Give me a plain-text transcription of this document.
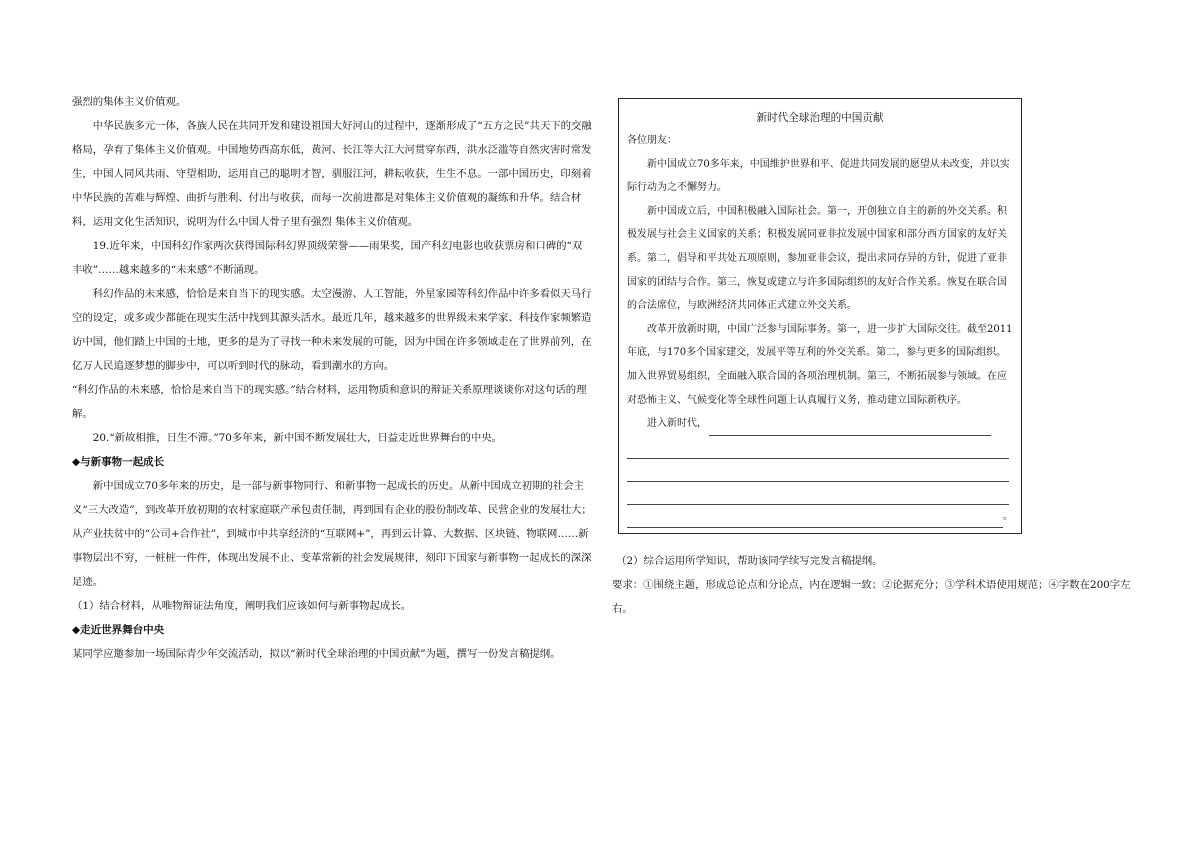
强烈的集体主义价值观。

中华民族多元一体，各族人民在共同开发和建设祖国大好河山的过程中，逐渐形成了“五方之民”共天下的交融格局，孕育了集体主义价值观。中国地势西高东低，黄河、长江等大江大河贯穿东西，洪水泛滥等自然灾害时常发生，中国人同风共雨、守望相助，运用自己的聪明才智，驯服江河，耕耘收获，生生不息。一部中国历史，印刻着中华民族的苦难与辉煌、曲折与胜利、付出与收获，而每一次前进都是对集体主义价值观的凝练和升华。结合材料，运用文化生活知识，说明为什么中国人骨子里有强烈 集体主义价值观。

19.近年来，中国科幻作家两次获得国际科幻界顶级荣誉——雨果奖，国产科幻电影也收获票房和口碑的“双丰收”……越来越多的“未来感”不断涌现。

科幻作品的未来感，恰恰是来自当下的现实感。太空漫游、人工智能，外星家园等科幻作品中许多看似天马行空的设定，或多或少都能在现实生活中找到其源头活水。最近几年，越来越多的世界级未来学家、科技作家频繁造访中国，他们踏上中国的土地，更多的是为了寻找一种未来发展的可能，因为中国在许多领域走在了世界前列，在亿万人民追逐梦想的脚步中，可以听到时代的脉动，看到潮水的方向。

“科幻作品的未来感，恰恰是来自当下的现实感。”结合材料，运用物质和意识的辩证关系原理谈谈你对这句话的理解。

20.“新故相推，日生不滞。”70多年来，新中国不断发展壮大，日益走近世界舞台的中央。

◆与新事物一起成长

新中国成立70多年来的历史，是一部与新事物同行、和新事物一起成长的历史。从新中国成立初期的社会主义“三大改造”，到改革开放初期的农村家庭联产承包责任制，再到国有企业的股份制改革、民营企业的发展壮大；从产业扶贫中的“公司+合作社”，到城市中共享经济的“互联网+”，再到云计算、大数据、区块链、物联网……新事物层出不穷，一桩桩一件件，体现出发展不止、变革常新的社会发展规律，刻印下国家与新事物一起成长的深深足迹。

（1）结合材料，从唯物辩证法角度，阐明我们应该如何与新事物起成长。

◆走近世界舞台中央

某同学应邀参加一场国际青少年交流活动，拟以“新时代全球治理的中国贡献”为题，撰写一份发言稿提纲。

新时代全球治理的中国贡献

各位朋友：

新中国成立70多年来，中国维护世界和平、促进共同发展的愿望从未改变，并以实际行动为之不懈努力。

新中国成立后，中国积极融入国际社会。第一，开创独立自主的新的外交关系。积极发展与社会主义国家的关系；积极发展同亚非拉发展中国家和部分西方国家的友好关系。第二，倡导和平共处五项原则，参加亚非会议，提出求同存异的方针，促进了亚非国家的团结与合作。第三，恢复或建立与许多国际组织的友好合作关系。恢复在联合国的合法席位，与欧洲经济共同体正式建立外交关系。

改革开放新时期，中国广泛参与国际事务。第一，进一步扩大国际交往。截至2011年底，与170多个国家建交，发展平等互利的外交关系。第二，参与更多的国际组织。加入世界贸易组织，全面融入联合国的各项治理机制。第三，不断拓展参与领域。在应对恐怖主义、气候变化等全球性问题上认真履行义务，推动建立国际新秩序。

进入新时代，
。

（2）综合运用所学知识，帮助该同学续写完发言稿提纲。

要求：①围绕主题，形成总论点和分论点，内在逻辑一致；②论据充分；③学科术语使用规范；④字数在200字左右。
